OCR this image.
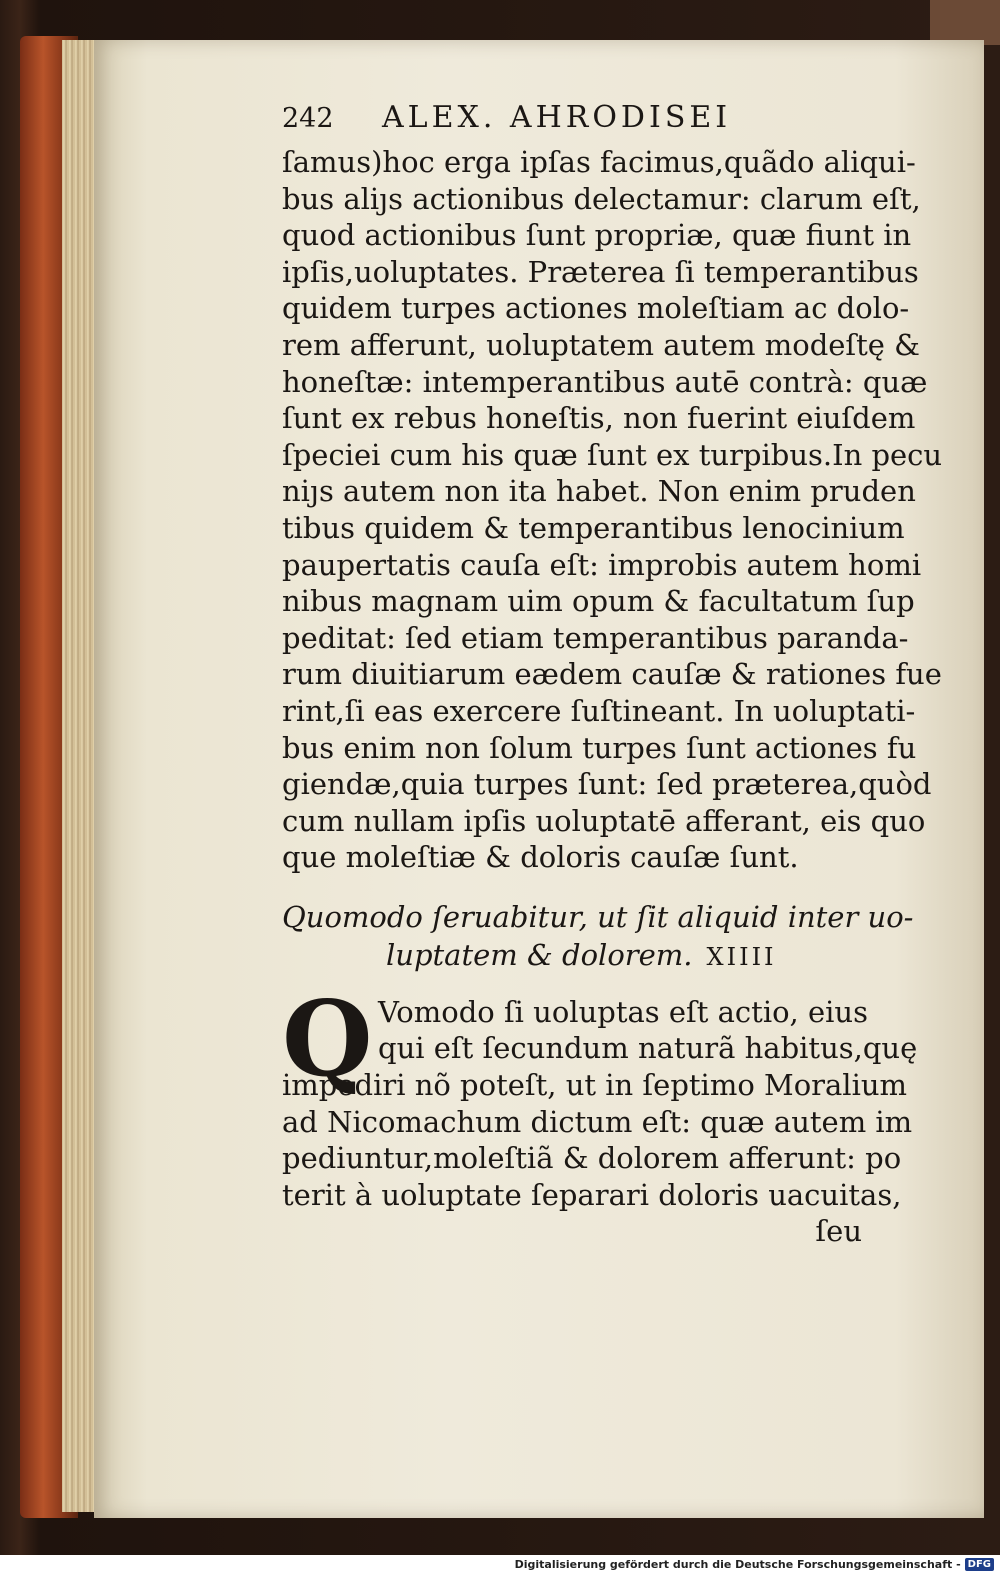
242	ALEX. AHRODISEI
ſamus)hoc erga ipſas facimus,quãdo aliqui-
bus aliȷs actionibus delectamur: clarum eſt,
quod actionibus ſunt propriæ, quæ fiunt in
ipſis,uoluptates. Præterea ſi temperantibus
quidem turpes actiones moleſtiam ac dolo-
rem afferunt, uoluptatem autem modeſtę &
honeſtæ: intemperantibus autē contrà: quæ
ſunt ex rebus honeſtis, non fuerint eiuſdem
ſpeciei cum his quæ ſunt ex turpibus.In pecu
niȷs autem non ita habet. Non enim pruden
tibus quidem & temperantibus lenocinium
paupertatis cauſa eſt: improbis autem homi
nibus magnam uim opum & facultatum ſup
peditat: ſed etiam temperantibus paranda-
rum diuitiarum eædem cauſæ & rationes fue
rint,ſi eas exercere ſuſtineant. In uoluptati-
bus enim non ſolum turpes ſunt actiones fu
giendæ,quia turpes ſunt: ſed præterea,quòd
cum nullam ipſis uoluptatē afferant, eis quo
que moleſtiæ & doloris cauſæ ſunt.
Quomodo ſeruabitur, ut ſit aliquid inter uo-
luptatem & dolorem. XIIII
Q Vomodo ſi uoluptas eſt actio, eius
qui eſt ſecundum naturã habitus,quę
impediri nõ poteſt, ut in ſeptimo Moralium
ad Nicomachum dictum eſt: quæ autem im
pediuntur,moleſtiã & dolorem afferunt: po
terit à uoluptate ſeparari doloris uacuitas,
ſeu
Digitalisierung gefördert durch die Deutsche Forschungsgemeinschaft - DFG
